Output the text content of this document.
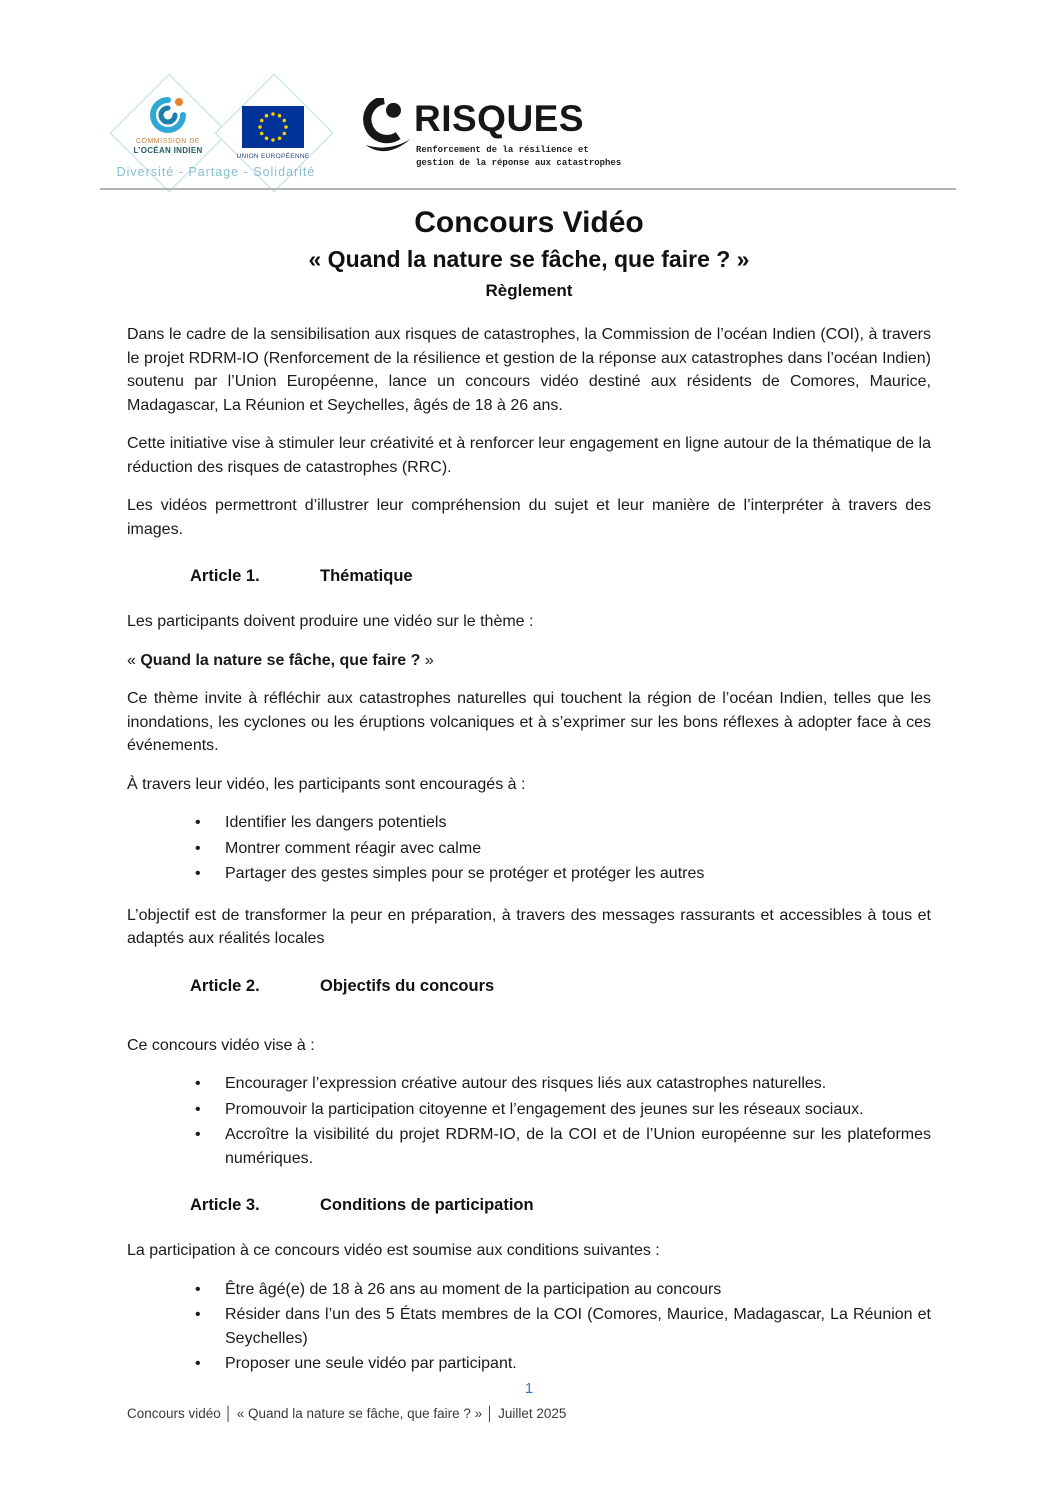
COMMISSION DE
L’OCÉAN INDIEN
UNION EUROPÉENNE
Diversité - Partage - Solidarité
RISQUES
Renforcement de la résilience et
gestion de la réponse aux catastrophes
Concours Vidéo
« Quand la nature se fâche, que faire ? »
Règlement

Dans le cadre de la sensibilisation aux risques de catastrophes, la Commission de l’océan Indien (COI), à travers le projet RDRM-IO (Renforcement de la résilience et gestion de la réponse aux catastrophes dans l’océan Indien) soutenu par l’Union Européenne, lance un concours vidéo destiné aux résidents de Comores, Maurice, Madagascar, La Réunion et Seychelles, âgés de 18 à 26 ans.

Cette initiative vise à stimuler leur créativité et à renforcer leur engagement en ligne autour de la thématique de la réduction des risques de catastrophes (RRC).

Les vidéos permettront d’illustrer leur compréhension du sujet et leur manière de l’interpréter à travers des images.

Article 1.	Thématique

Les participants doivent produire une vidéo sur le thème :

« Quand la nature se fâche, que faire ? »

Ce thème invite à réfléchir aux catastrophes naturelles qui touchent la région de l’océan Indien, telles que les inondations, les cyclones ou les éruptions volcaniques et à s’exprimer sur les bons réflexes à adopter face à ces événements.

À travers leur vidéo, les participants sont encouragés à :

• Identifier les dangers potentiels
• Montrer comment réagir avec calme
• Partager des gestes simples pour se protéger et protéger les autres

L’objectif est de transformer la peur en préparation, à travers des messages rassurants et accessibles à tous et adaptés aux réalités locales

Article 2.	Objectifs du concours

Ce concours vidéo vise à :

• Encourager l’expression créative autour des risques liés aux catastrophes naturelles.
• Promouvoir la participation citoyenne et l’engagement des jeunes sur les réseaux sociaux.
• Accroître la visibilité du projet RDRM-IO, de la COI et de l’Union européenne sur les plateformes numériques.
Article 3.	Conditions de participation

La participation à ce concours vidéo est soumise aux conditions suivantes :

• Être âgé(e) de 18 à 26 ans au moment de la participation au concours
• Résider dans l’un des 5 États membres de la COI (Comores, Maurice, Madagascar, La Réunion et Seychelles)
• Proposer une seule vidéo par participant.
1
Concours vidéo │ « Quand la nature se fâche, que faire ? » │ Juillet 2025
